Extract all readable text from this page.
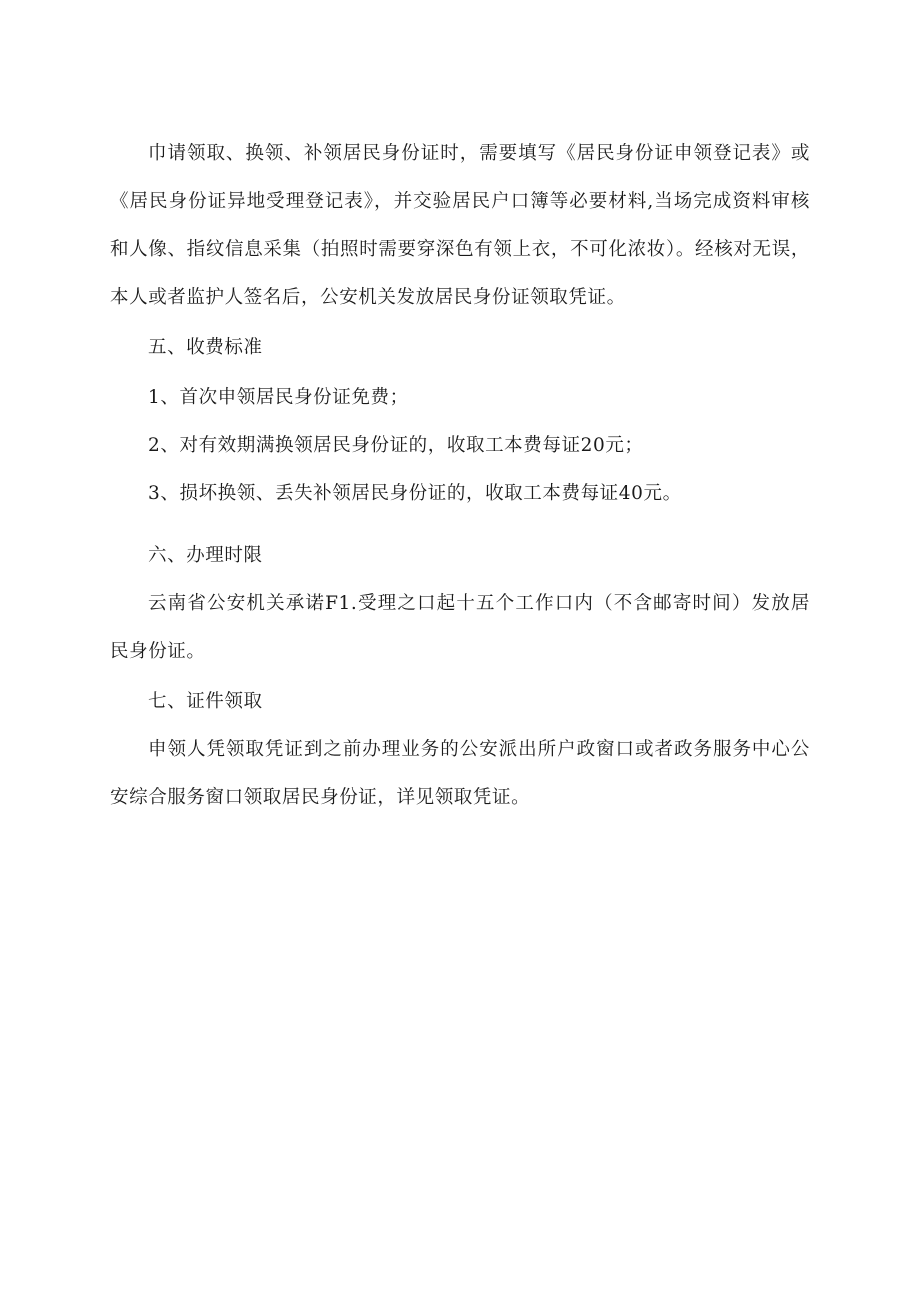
巾请领取、换领、补领居民身份证时，需要填写《居民身份证申领登记表》或《居民身份证异地受理登记表》，并交验居民户口簿等必要材料,当场完成资料审核和人像、指纹信息采集（拍照时需要穿深色有领上衣，不可化浓妆）。经核对无误，本人或者监护人签名后，公安机关发放居民身份证领取凭证。

五、收费标准

1、首次申领居民身份证免费；

2、对有效期满换领居民身份证的，收取工本费每证20元；

3、损坏换领、丢失补领居民身份证的，收取工本费每证40元。

六、办理时限

云南省公安机关承诺F1.受理之口起十五个工作口内（不含邮寄时间）发放居民身份证。

七、证件领取

申领人凭领取凭证到之前办理业务的公安派出所户政窗口或者政务服务中心公安综合服务窗口领取居民身份证，详见领取凭证。
